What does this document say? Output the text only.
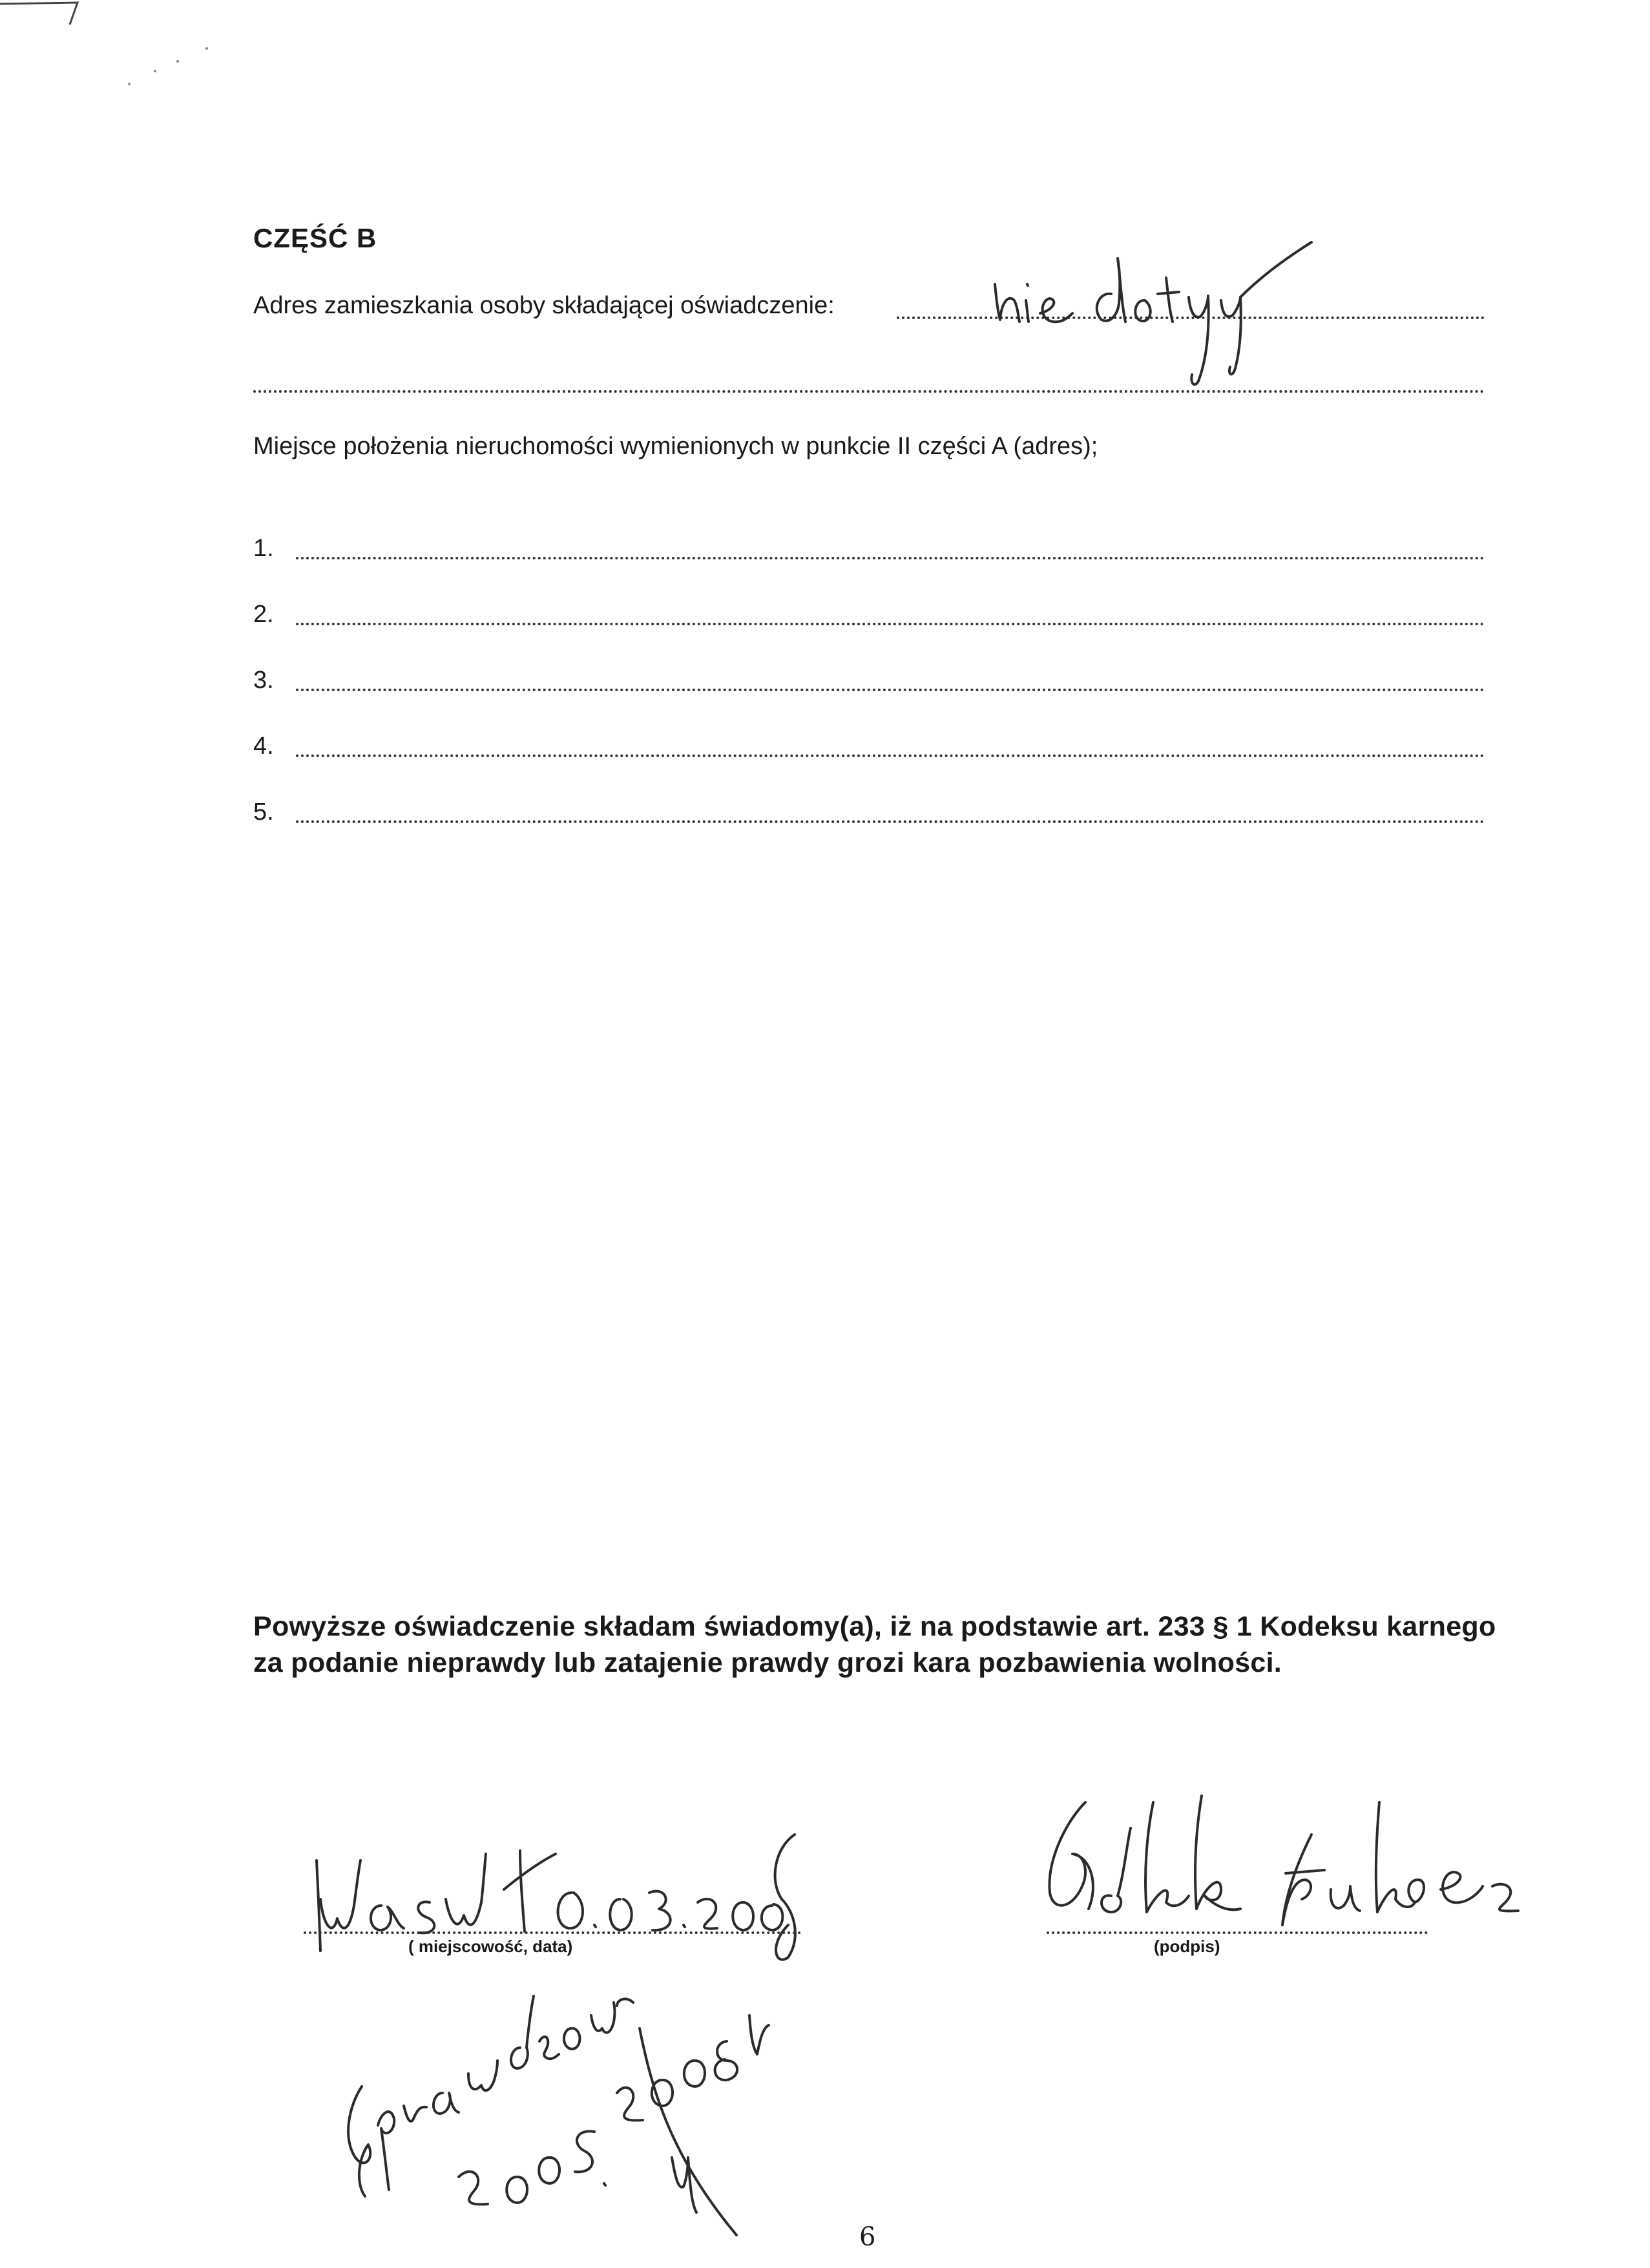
CZĘŚĆ B
Adres zamieszkania osoby składającej oświadczenie:
Miejsce położenia nieruchomości wymienionych w punkcie II części A (adres);
1.
2.
3.
4.
5.
Powyższe oświadczenie składam świadomy(a), iż na podstawie art. 233 § 1 Kodeksu karnego
za podanie nieprawdy lub zatajenie prawdy grozi kara pozbawienia wolności.
( miejscowość, data)	(podpis)
6
